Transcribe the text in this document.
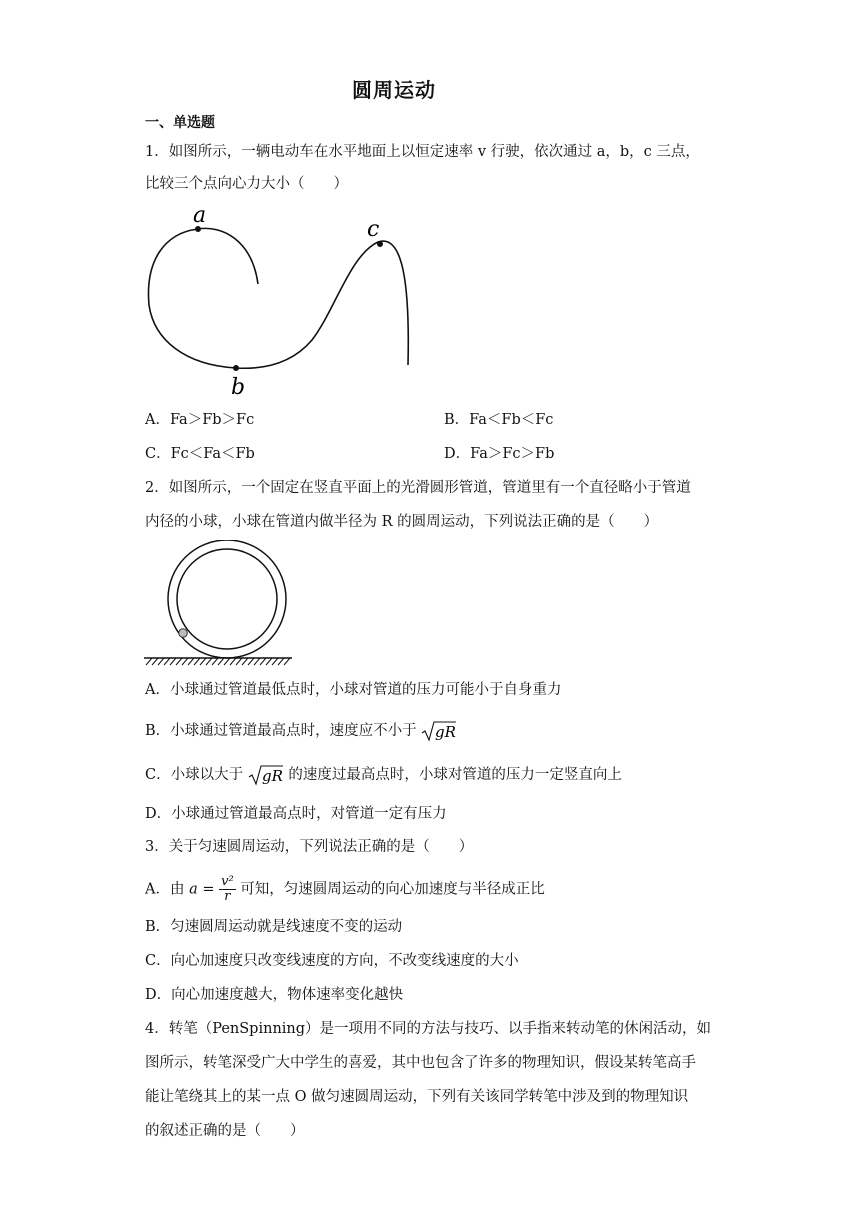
圆周运动
一、单选题
1．如图所示，一辆电动车在水平地面上以恒定速率 v 行驶，依次通过 a，b，c 三点，
比较三个点向心力大小（　　）
a
b
c
A．Fa＞Fb＞Fc	B．Fa＜Fb＜Fc
C．Fc＜Fa＜Fb	D．Fa＞Fc＞Fb
2．如图所示，一个固定在竖直平面上的光滑圆形管道，管道里有一个直径略小于管道
内径的小球，小球在管道内做半径为 R 的圆周运动，下列说法正确的是（　　）
A．小球通过管道最低点时，小球对管道的压力可能小于自身重力
B．小球通过管道最高点时，速度应不小于 gR
C．小球以大于 gR 的速度过最高点时，小球对管道的压力一定竖直向上
D．小球通过管道最高点时，对管道一定有压力
3．关于匀速圆周运动，下列说法正确的是（　　）
A．由 $a = \frac{\text{v²}}{r}$ 可知，匀速圆周运动的向心加速度与半径成正比
B．匀速圆周运动就是线速度不变的运动
C．向心加速度只改变线速度的方向，不改变线速度的大小
D．向心加速度越大，物体速率变化越快
4．转笔（PenSpinning）是一项用不同的方法与技巧、以手指来转动笔的休闲活动，如
图所示，转笔深受广大中学生的喜爱，其中也包含了许多的物理知识，假设某转笔高手
能让笔绕其上的某一点 O 做匀速圆周运动，下列有关该同学转笔中涉及到的物理知识
的叙述正确的是（　　）
